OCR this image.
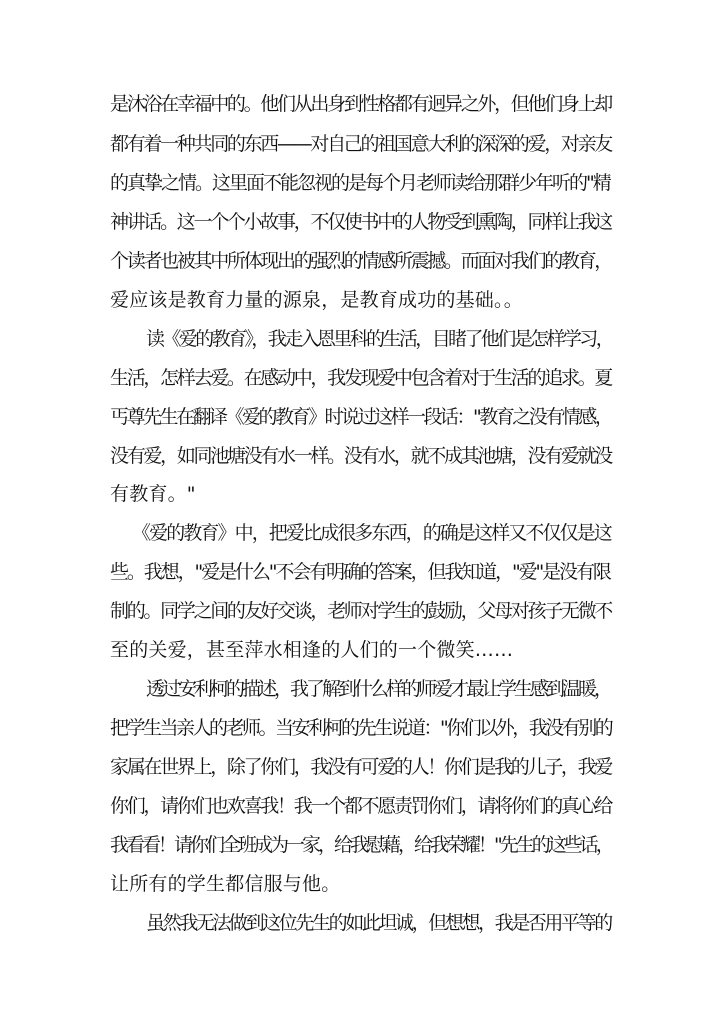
是沐浴在幸福中的。他们从出身到性格都有迥异之外，但他们身上却
都有着一种共同的东西——对自己的祖国意大利的深深的爱，对亲友
的真挚之情。这里面不能忽视的是每个月老师读给那群少年听的"精
神讲话。这一个个小故事，不仅使书中的人物受到熏陶，同样让我这
个读者也被其中所体现出的强烈的情感所震撼。而面对我们的教育，
爱应该是教育力量的源泉，是教育成功的基础。。
读《爱的教育》，我走入恩里科的生活，目睹了他们是怎样学习，
生活，怎样去爱。在感动中，我发现爱中包含着对于生活的追求。夏
丐尊先生在翻译《爱的教育》时说过这样一段话："教育之没有情感，
没有爱，如同池塘没有水一样。没有水，就不成其池塘，没有爱就没
有教育。"
《爱的教育》中，把爱比成很多东西，的确是这样又不仅仅是这
些。我想，"爱是什么"不会有明确的答案，但我知道，"爱"是没有限
制的。同学之间的友好交谈，老师对学生的鼓励，父母对孩子无微不
至的关爱，甚至萍水相逢的人们的一个微笑……
透过安利柯的描述，我了解到什么样的师爱才最让学生感到温暖，
把学生当亲人的老师。当安利柯的先生说道："你们以外，我没有别的
家属在世界上，除了你们，我没有可爱的人！你们是我的儿子，我爱
你们，请你们也欢喜我！我一个都不愿责罚你们，请将你们的真心给
我看看！请你们全班成为一家，给我慰藉，给我荣耀！"先生的这些话，
让所有的学生都信服与他。
虽然我无法做到这位先生的如此坦诚，但想想，我是否用平等的
